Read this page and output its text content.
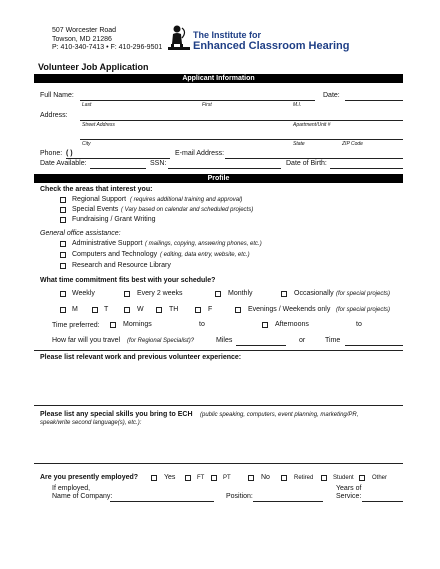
507 Worcester Road
Towson, MD 21286
P: 410-340-7413 • F: 410-296-9501
The Institute for
Enhanced Classroom Hearing
Volunteer Job Application
Applicant Information
Full Name:	Date:
Last	First	M.I.
Address:
Street Address	Apartment/Unit #
City	State	ZIP Code
Phone: ( )	E-mail Address:
Date Available:	SSN:	Date of Birth:
Profile
Check the areas that interest you:
Regional Support ( requires additional training and approval)
Special Events ( Vary based on calendar and scheduled projects)
Fundraising / Grant Writing
General office assistance:
Administrative Support ( mailings, copying, answering phones, etc.)
Computers and Technology ( editing, data entry, website, etc.)
Research and Resource Library
What time commitment fits best with your schedule?
Weekly	Every 2 weeks	Monthly	Occasionally (for special projects)
M	T	W	TH	F	Evenings / Weekends only (for special projects)
Time preferred:	Mornings	to	Afternoons	to
How far will you travel (for Regional Specialist)?	Miles	or	Time
Please list relevant work and previous volunteer experience:
Please list any special skills you bring to ECH (public speaking, computers, event planning, marketing/PR,
speak/write second language(s), etc.):
Are you presently employed?	Yes	FT	PT	No	Retired	Student	Other
If employed,
Name of Company:	Position:
Years of
Service:
